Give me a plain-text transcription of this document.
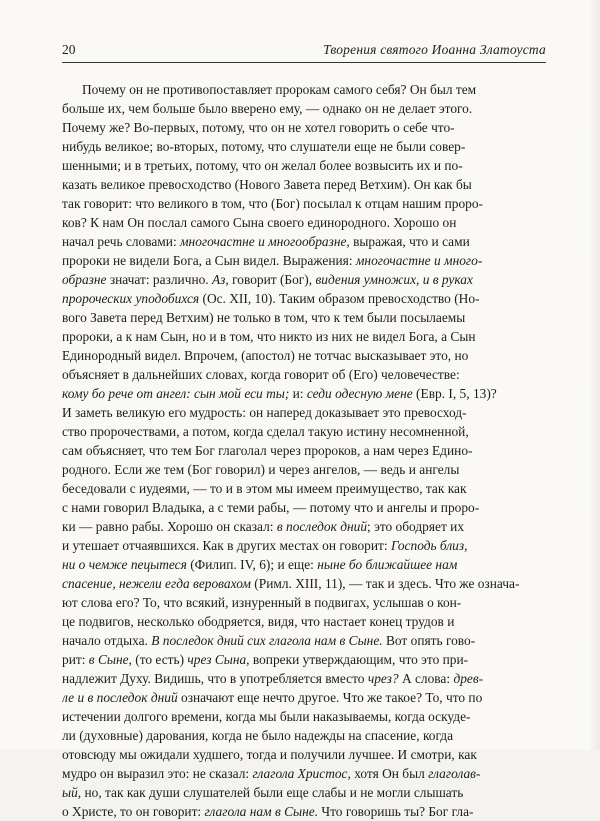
20	Творения святого Иоанна Златоуста
Почему он не противопоставляет пророкам самого себя? Он был тем
больше их, чем больше было вверено ему, — однако он не делает этого.
Почему же? Во-первых, потому, что он не хотел говорить о себе что-
нибудь великое; во-вторых, потому, что слушатели еще не были совер-
шенными; и в третьих, потому, что он желал более возвысить их и по-
казать великое превосходство (Нового Завета перед Ветхим). Он как бы
так говорит: что великого в том, что (Бог) посылал к отцам нашим проро-
ков? К нам Он послал самого Сына своего единородного. Хорошо он
начал речь словами: многочастне и многообразне, выражая, что и сами
пророки не видели Бога, а Сын видел. Выражения: многочастне и многo-
образне значат: различно. Аз, говорит (Бог), видения умножих, и в руках
пророческих уподобихся (Ос. XII, 10). Таким образом превосходство (Но-
вого Завета перед Ветхим) не только в том, что к тем были посылаемы
пророки, а к нам Сын, но и в том, что никто из них не видел Бога, а Сын
Единородный видел. Впрочем, (апостол) не тотчас высказывает это, но
объясняет в дальнейших словах, когда говорит об (Его) человечестве:
кому бо рече от ангел: сын мой еси ты; и: седи одесную мене (Евр. I, 5, 13)?
И заметь великую его мудрость: он наперед доказывает это превосход-
ство пророчествами, а потом, когда сделал такую истину несомненной,
сам объясняет, что тем Бог глаголал через пророков, а нам через Едино-
родного. Если же тем (Бог говорил) и через ангелов, — ведь и ангелы
беседовали с иудеями, — то и в этом мы имеем преимущество, так как
с нами говорил Владыка, а с теми рабы, — потому что и ангелы и проро-
ки — равно рабы. Хорошо он сказал: в последок дний; это ободряет их
и утешает отчаявшихся. Как в других местах он говорит: Господь близ,
ни о чемже пецытеся (Филип. IV, 6); и еще: ныне бо ближайшее нам
спасение, нежели егда веровахом (Римл. XIII, 11), — так и здесь. Что же означа-
ют слова его? То, что всякий, изнуренный в подвигах, услышав о кон-
це подвигов, несколько ободряется, видя, что настает конец трудов и
начало отдыха. В последок дний сих глаголa нам в Сыне. Вот опять гово-
рит: в Сыне, (то есть) чрез Сына, вопреки утверждающим, что это при-
надлежит Духу. Видишь, что в употребляется вместо чрез? А слова: древ-
ле и в последок дний означают еще нечто другое. Что же такое? То, что по
истечении долгого времени, когда мы были наказываемы, когда оскуде-
ли (духовные) дарования, когда не было надежды на спасение, когда
отовсюду мы ожидали худшего, тогда и получили лучшее. И смотри, как
мудро он выразил это: не сказал: глаголa Христос, хотя Он был глаголав-
ый, но, так как души слушателей были еще слабы и не могли слышать
о Христе, то он говорит: глаголa нам в Сыне. Что говоришь ты? Бог гла-
